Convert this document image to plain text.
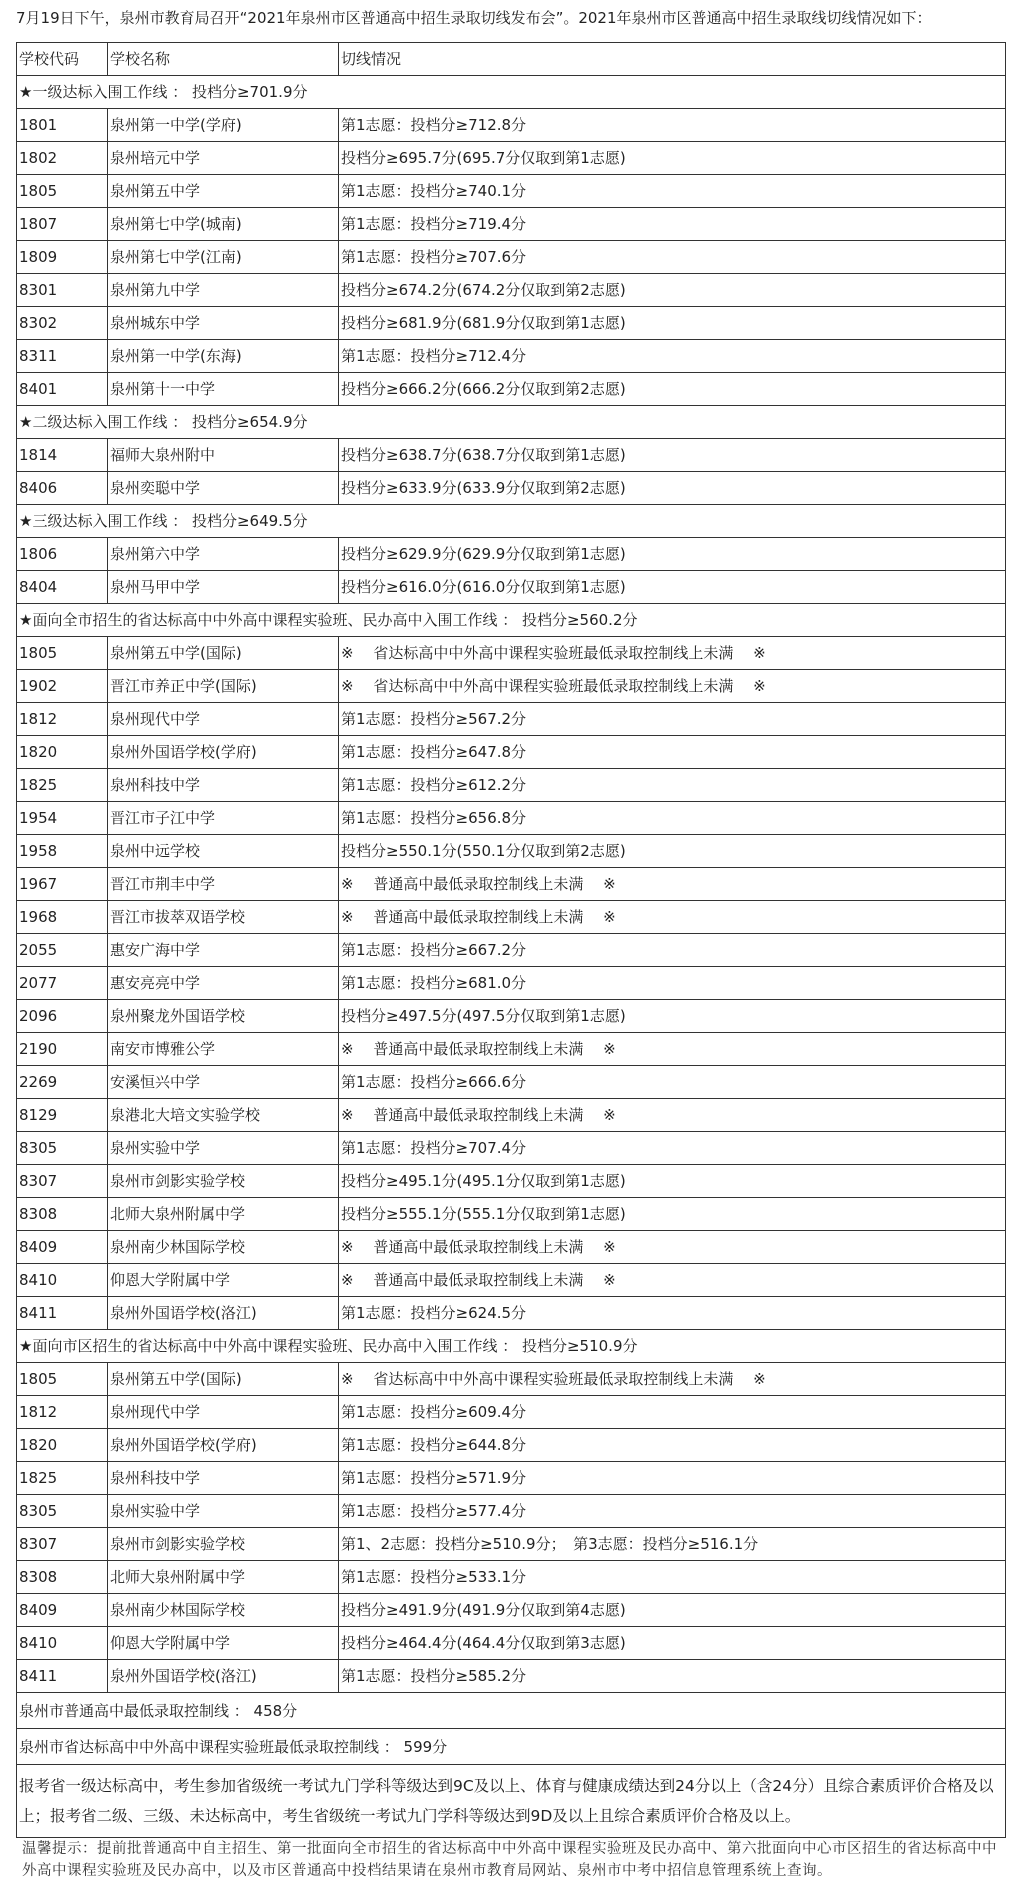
7月19日下午，泉州市教育局召开“2021年泉州市区普通高中招生录取切线发布会”。2021年泉州市区普通高中招生录取线切线情况如下：
学校代码	学校名称	切线情况
★一级达标入围工作线 ： 投档分≥701.9分		
1801	泉州第一中学(学府)	第1志愿：投档分≥712.8分
1802	泉州培元中学	投档分≥695.7分(695.7分仅取到第1志愿)
1805	泉州第五中学	第1志愿：投档分≥740.1分
1807	泉州第七中学(城南)	第1志愿：投档分≥719.4分
1809	泉州第七中学(江南)	第1志愿：投档分≥707.6分
8301	泉州第九中学	投档分≥674.2分(674.2分仅取到第2志愿)
8302	泉州城东中学	投档分≥681.9分(681.9分仅取到第1志愿)
8311	泉州第一中学(东海)	第1志愿：投档分≥712.4分
8401	泉州第十一中学	投档分≥666.2分(666.2分仅取到第2志愿)
★二级达标入围工作线 ： 投档分≥654.9分		
1814	福师大泉州附中	投档分≥638.7分(638.7分仅取到第1志愿)
8406	泉州奕聪中学	投档分≥633.9分(633.9分仅取到第2志愿)
★三级达标入围工作线 ： 投档分≥649.5分		
1806	泉州第六中学	投档分≥629.9分(629.9分仅取到第1志愿)
8404	泉州马甲中学	投档分≥616.0分(616.0分仅取到第1志愿)
★面向全市招生的省达标高中中外高中课程实验班、民办高中入围工作线 ： 投档分≥560.2分		
1805	泉州第五中学(国际)	※　 省达标高中中外高中课程实验班最低录取控制线上未满　 ※
1902	晋江市养正中学(国际)	※　 省达标高中中外高中课程实验班最低录取控制线上未满　 ※
1812	泉州现代中学	第1志愿：投档分≥567.2分
1820	泉州外国语学校(学府)	第1志愿：投档分≥647.8分
1825	泉州科技中学	第1志愿：投档分≥612.2分
1954	晋江市子江中学	第1志愿：投档分≥656.8分
1958	泉州中远学校	投档分≥550.1分(550.1分仅取到第2志愿)
1967	晋江市荆丰中学	※　 普通高中最低录取控制线上未满　 ※
1968	晋江市拔萃双语学校	※　 普通高中最低录取控制线上未满　 ※
2055	惠安广海中学	第1志愿：投档分≥667.2分
2077	惠安亮亮中学	第1志愿：投档分≥681.0分
2096	泉州聚龙外国语学校	投档分≥497.5分(497.5分仅取到第1志愿)
2190	南安市博雅公学	※　 普通高中最低录取控制线上未满　 ※
2269	安溪恒兴中学	第1志愿：投档分≥666.6分
8129	泉港北大培文实验学校	※　 普通高中最低录取控制线上未满　 ※
8305	泉州实验中学	第1志愿：投档分≥707.4分
8307	泉州市剑影实验学校	投档分≥495.1分(495.1分仅取到第1志愿)
8308	北师大泉州附属中学	投档分≥555.1分(555.1分仅取到第1志愿)
8409	泉州南少林国际学校	※　 普通高中最低录取控制线上未满　 ※
8410	仰恩大学附属中学	※　 普通高中最低录取控制线上未满　 ※
8411	泉州外国语学校(洛江)	第1志愿：投档分≥624.5分
★面向市区招生的省达标高中中外高中课程实验班、民办高中入围工作线 ： 投档分≥510.9分		
1805	泉州第五中学(国际)	※　 省达标高中中外高中课程实验班最低录取控制线上未满　 ※
1812	泉州现代中学	第1志愿：投档分≥609.4分
1820	泉州外国语学校(学府)	第1志愿：投档分≥644.8分
1825	泉州科技中学	第1志愿：投档分≥571.9分
8305	泉州实验中学	第1志愿：投档分≥577.4分
8307	泉州市剑影实验学校	第1、2志愿：投档分≥510.9分；　第3志愿：投档分≥516.1分
8308	北师大泉州附属中学	第1志愿：投档分≥533.1分
8409	泉州南少林国际学校	投档分≥491.9分(491.9分仅取到第4志愿)
8410	仰恩大学附属中学	投档分≥464.4分(464.4分仅取到第3志愿)
8411	泉州外国语学校(洛江)	第1志愿：投档分≥585.2分
泉州市普通高中最低录取控制线 ： 458分		
泉州市省达标高中中外高中课程实验班最低录取控制线 ： 599分		
报考省一级达标高中，考生参加省级统一考试九门学科等级达到9C及以上、体育与健康成绩达到24分以上（含24分）且综合素质评价合格及以上；报考省二级、三级、未达标高中，考生省级统一考试九门学科等级达到9D及以上且综合素质评价合格及以上。		
温馨提示：提前批普通高中自主招生、第一批面向全市招生的省达标高中中外高中课程实验班及民办高中、第六批面向中心市区招生的省达标高中中外高中课程实验班及民办高中，以及市区普通高中投档结果请在泉州市教育局网站、泉州市中考中招信息管理系统上查询。
